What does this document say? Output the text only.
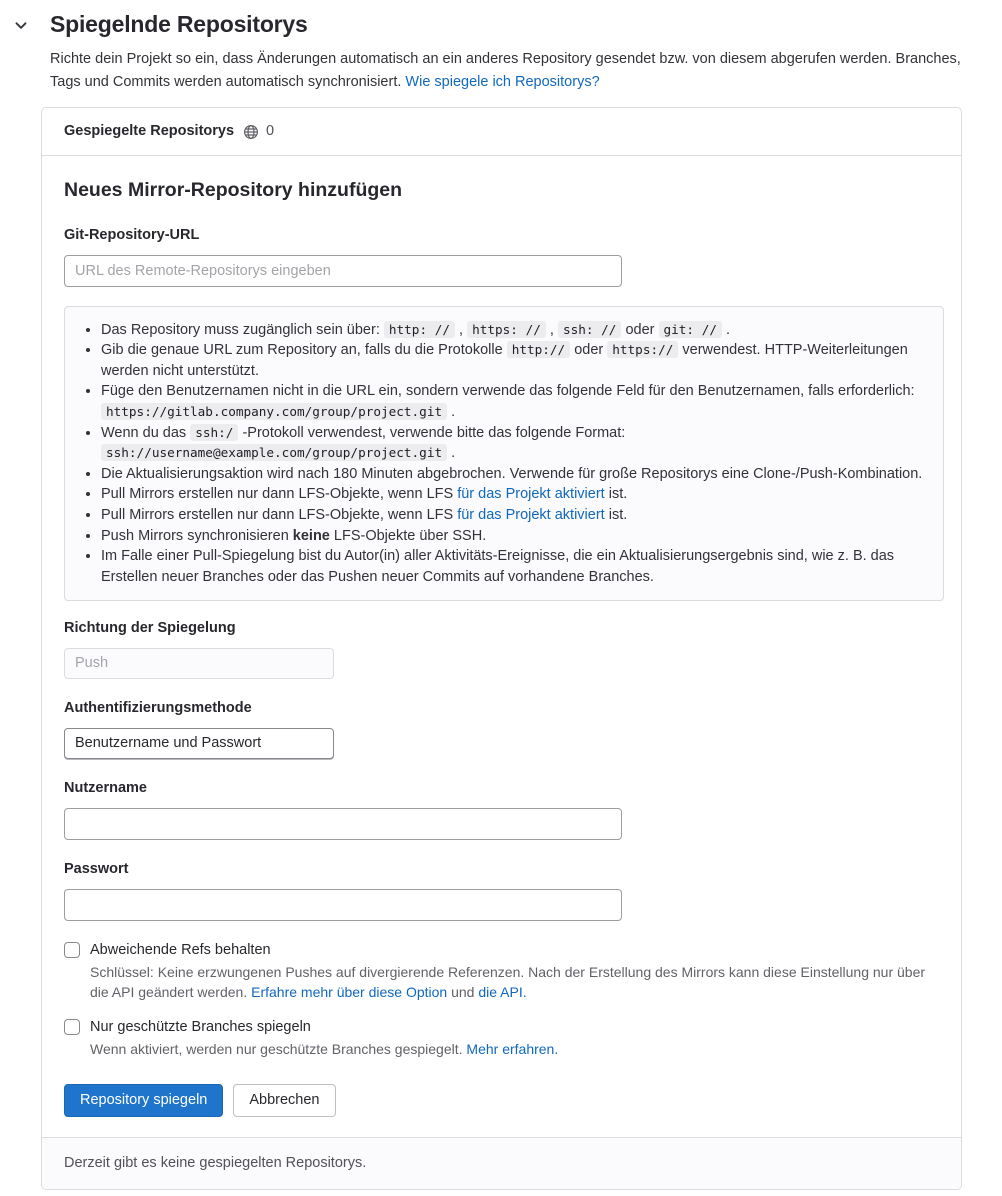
Spiegelnde Repositorys

Richte dein Projekt so ein, dass Änderungen automatisch an ein anderes Repository gesendet bzw. von diesem abgerufen werden. Branches, Tags und Commits werden automatisch synchronisiert. Wie spiegele ich Repositorys?

Gespiegelte Repositorys 0
Neues Mirror-Repository hinzufügen
Git-Repository-URL
URL des Remote-Repositorys eingeben
• Das Repository muss zugänglich sein über: http: // , https: // , ssh: // oder git: // .
• Gib die genaue URL zum Repository an, falls du die Protokolle http:// oder https:// verwendest. HTTP-Weiterleitungen werden nicht unterstützt.
• Füge den Benutzernamen nicht in die URL ein, sondern verwende das folgende Feld für den Benutzernamen, falls erforderlich: https://gitlab.company.com/group/project.git .
• Wenn du das ssh:/ -Protokoll verwendest, verwende bitte das folgende Format: ssh://username@example.com/group/project.git .
• Die Aktualisierungsaktion wird nach 180 Minuten abgebrochen. Verwende für große Repositorys eine Clone-/Push-Kombination.
• Pull Mirrors erstellen nur dann LFS-Objekte, wenn LFS für das Projekt aktiviert ist.
• Pull Mirrors erstellen nur dann LFS-Objekte, wenn LFS für das Projekt aktiviert ist.
• Push Mirrors synchronisieren keine LFS-Objekte über SSH.
• Im Falle einer Pull-Spiegelung bist du Autor(in) aller Aktivitäts-Ereignisse, die ein Aktualisierungsergebnis sind, wie z. B. das Erstellen neuer Branches oder das Pushen neuer Commits auf vorhandene Branches.
Richtung der Spiegelung
Push
Authentifizierungsmethode
Benutzername und Passwort
Nutzername
Passwort
Abweichende Refs behalten
Schlüssel: Keine erzwungenen Pushes auf divergierende Referenzen. Nach der Erstellung des Mirrors kann diese Einstellung nur über die API geändert werden. Erfahre mehr über diese Option und die API.
Nur geschützte Branches spiegeln
Wenn aktiviert, werden nur geschützte Branches gespiegelt. Mehr erfahren.
Repository spiegeln	Abbrechen
Derzeit gibt es keine gespiegelten Repositorys.
